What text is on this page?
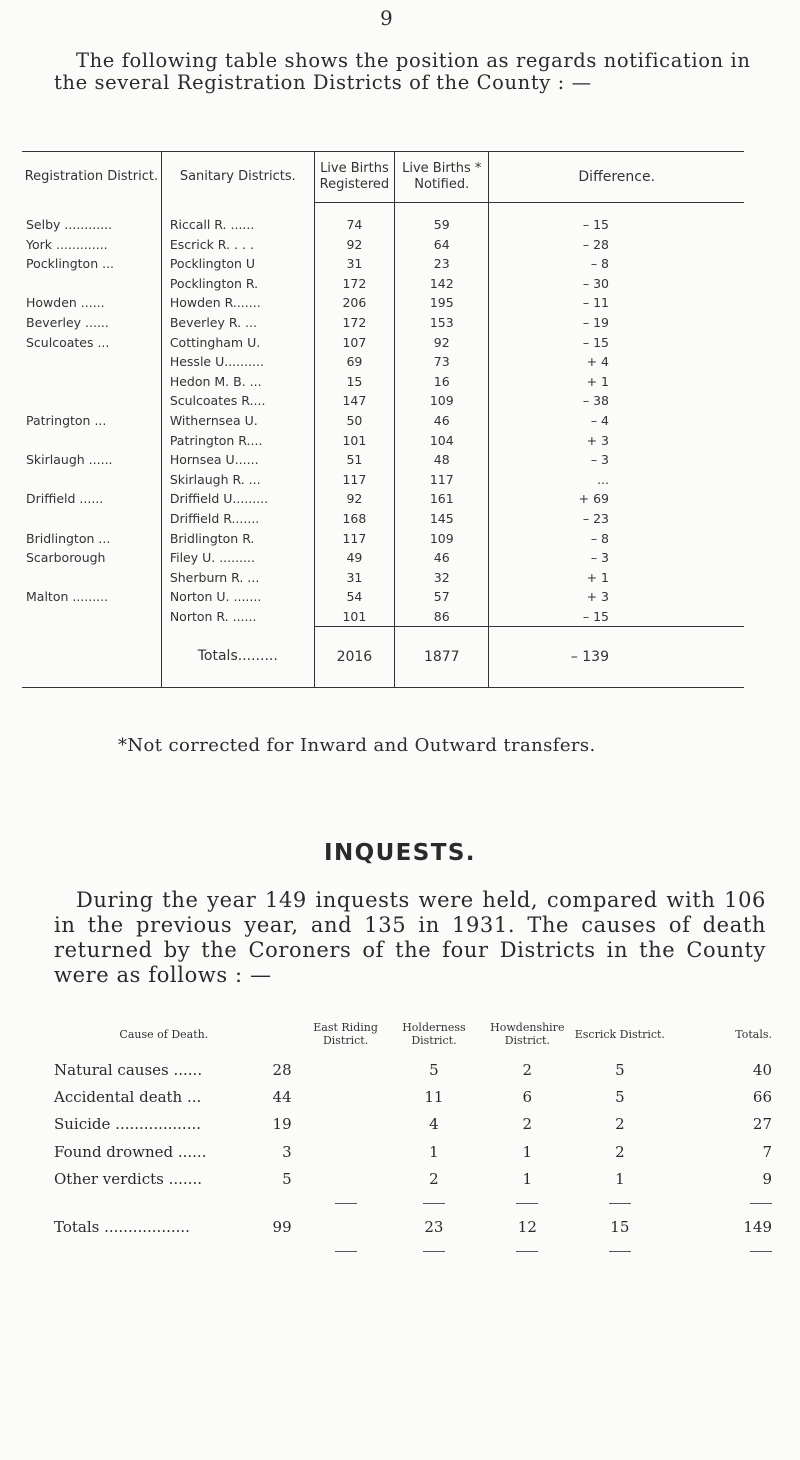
9

The following table shows the position as regards notification in the several Registration Districts of the County : —

Registration District.	Sanitary Districts.	Live Births Registered	Live Births * Notified.	Difference.

Selby ............	Riccall R. ......	74	59	– 15
York .............	Escrick R. . . .	92	64	– 28
Pocklington ...	Pocklington U	31	23	– 8
	Pocklington R.	172	142	– 30
Howden ......	Howden R.......	206	195	– 11
Beverley ......	Beverley R. ...	172	153	– 19
Sculcoates ...	Cottingham U.	107	92	– 15
	Hessle U..........	69	73	+ 4
	Hedon M. B. ...	15	16	+ 1
	Sculcoates R....	147	109	– 38
Patrington ...	Withernsea U.	50	46	– 4
	Patrington R....	101	104	+ 3
Skirlaugh ......	Hornsea U......	51	48	– 3
	Skirlaugh R. ...	117	117	...
Driffield ......	Driffield U.........	92	161	+ 69
	Driffield R.......	168	145	– 23
Bridlington ...	Bridlington R.	117	109	– 8
Scarborough	Filey U. .........	49	46	– 3
	Sherburn R. ...	31	32	+ 1
Malton .........	Norton U. .......	54	57	+ 3
	Norton R. ......	101	86	– 15
	Totals.........	2016	1877	– 139
*Not corrected for Inward and Outward transfers.
INQUESTS.

During the year 149 inquests were held, compared with 106 in the previous year, and 135 in 1931. The causes of death returned by the Coroners of the four Districts in the County were as follows : —

Cause of Death.	East Riding District.	Holderness District.	Howdenshire District.	Escrick District.	Totals.
Natural causes ...... 28		5	2	5	40
Accidental death ... 44		11	6	5	66
Suicide .................. 19		4	2	2	27
Found drowned ...... 3		1	1	2	7
Other verdicts ....... 5		2	1	1	9

Totals .................. 99		23	12	15	149
